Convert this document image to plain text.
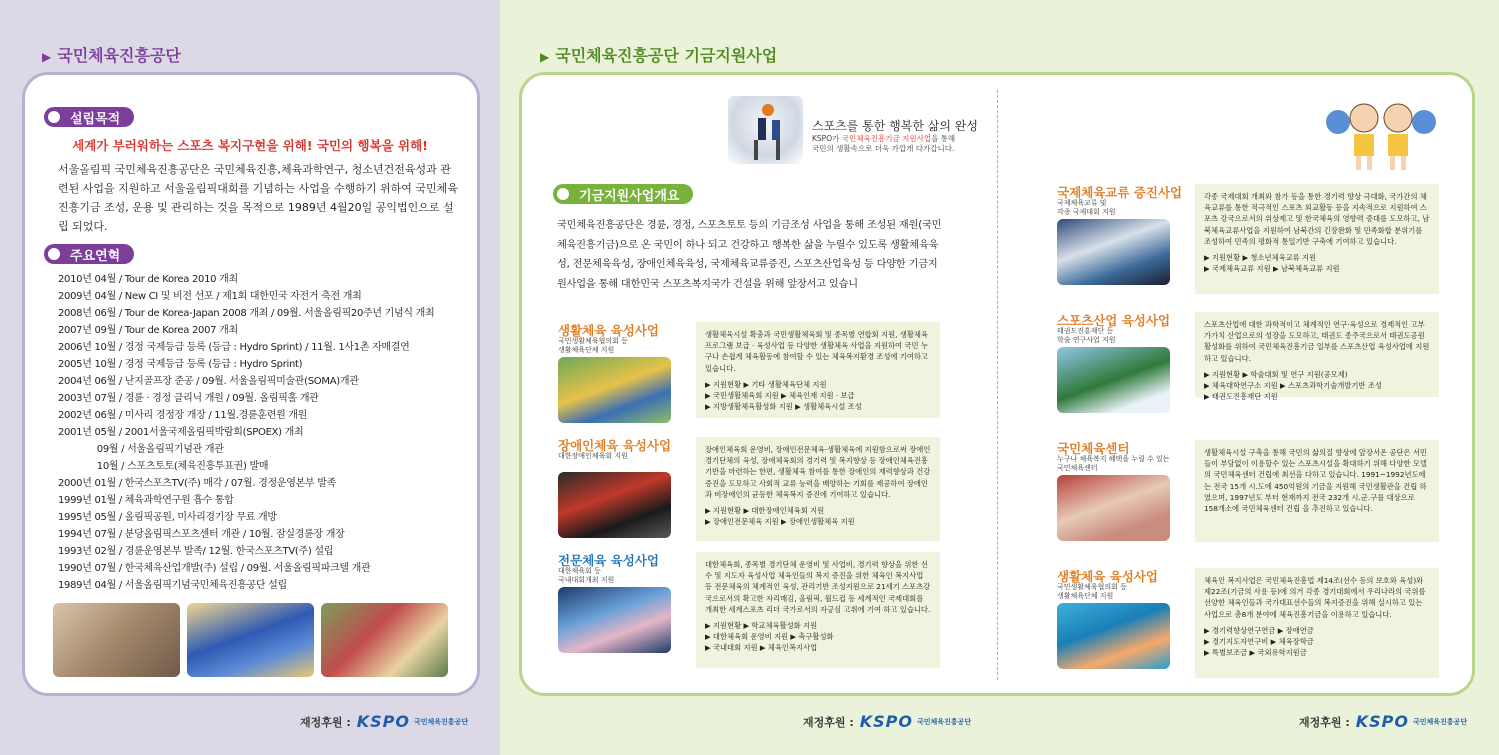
▶ 국민체육진흥공단
설립목적
세계가 부러워하는 스포츠 복지구현을 위해! 국민의 행복을 위해!
서울올림픽 국민체육진흥공단은 국민체육진흥,체육과학연구, 청소년건전육성과 관련된 사업을 지원하고 서울올림픽대회를 기념하는 사업을 수행하기 위하여 국민체육진흥기금 조성, 운용 및 관리하는 것을 목적으로 1989년 4월20일 공익법인으로 설립 되었다.
주요연혁
2010년 04월 / Tour de Korea 2010 개최
2009년 04월 / New CI 및 비전 선포 / 제1회 대한민국 자전거 축전 개최
2008년 06월 / Tour de Korea-Japan 2008 개최 / 09월. 서울올림픽20주년 기념식 개최
2007년 09월 / Tour de Korea 2007 개최
2006년 10월 / 경정 국제등급 등록 (등급 : Hydro Sprint) / 11월. 1사1촌 자매결연
2005년 10월 / 경정 국제등급 등록 (등급 : Hydro Sprint)
2004년 06월 / 난지골프장 준공 / 09월. 서울올림픽미술관(SOMA)개관
2003년 07월 / 경륜 · 경정 클리닉 개원 / 09월. 올림픽홀 개관
2002년 06월 / 미사리 경정장 개장 / 11월.경륜훈련원 개원
2001년 05월 / 2001서울국제올림픽박람회(SPOEX) 개최
　　　　09월 / 서울올림픽기념관 개관
　　　　10월 / 스포츠토토(체육진흥투표권) 발매
2000년 01월 / 한국스포츠TV(주) 매각 / 07월. 경정운영본부 발족
1999년 01월 / 체육과학연구원 흡수 통합
1995년 05월 / 올림픽공원, 미사리경기장 무료 개방
1994년 07월 / 분당올림픽스포츠센터 개관 / 10월. 잠실경륜장 개장
1993년 02월 / 경륜운영본부 발족/ 12월. 한국스포츠TV(주) 설립
1990년 07월 / 한국체육산업개발(주) 설립 / 09월. 서울올림픽파크텔 개관
1989년 04월 / 서울올림픽기념국민체육진흥공단 설립
재정후원 : KSPO 국민체육진흥공단
▶ 국민체육진흥공단 기금지원사업
스포츠를 통한 행복한 삶의 완성
KSPO가 국민체육진흥기금 지원사업을 통해 국민의 생활속으로 더욱 가깝게 다가갑니다.
기금지원사업개요
국민체육진흥공단은 경륜, 경정, 스포츠토토 등의 기금조성 사업을 통해 조성된 재원(국민체육진흥기금)으로 온 국민이 하나 되고 건강하고 행복한 삶을 누릴수 있도록 생활체육육성, 전문체육육성, 장애인체육육성, 국제체육교류증진, 스포츠산업육성 등 다양한 기금지원사업을 통해 대한민국 스포츠복지국가 건설을 위해 앞장서고 있습니
생활체육 육성사업
국민생활체육협의회 등
생활체육단체 지원
생활체육시설 확충과 국민생활체육회 및 종목별 연합회 지원, 생활체육프로그램 보급 · 육성사업 등 다양한 생활체육 사업을 지원하여 국민 누구나 손쉽게 체육활동에 참여할 수 있는 체육복지환경 조성에 기여하고 있습니다.
▶ 지원현황 ▶ 기타 생활체육단체 지원
▶ 국민생활체육회 지원 ▶ 체육인재 지원 · 보급
▶ 지방생활체육활성화 지원 ▶ 생활체육시설 조성
장애인체육 육성사업
대한장애인체육회 지원
장애인체육회 운영비, 장애인전문체육·생활체육에 지원함으로써 장애인 경기단체의 육성, 장애체육회의 경기력 및 복지향상 등 장애인체육진흥 기반을 마련하는 한편, 생활체육 참여를 통한 장애인의 재력향상과 건강증진을 도모하고 사회적 교류 능력을 배양하는 기회를 제공하여 장애인과 비장애인의 균등한 체육복지 증진에 기여하고 있습니다.
▶ 지원현황 ▶ 대한장애인체육회 지원
▶ 장애인전문체육 지원 ▶ 장애인생활체육 지원
전문체육 육성사업
대한체육회 등
국내대회개최 지원
대한체육회, 종목별 경기단체 운영비 및 사업비, 경기력 향상을 위한 선수 및 지도자 육성사업 체육인들의 복지 증진을 위한 체육인 복지사업 등 전문체육의 체계적인 육성, 관리기반 조성지원으로 21세기 스포츠강국으로서의 확고한 자리매김, 올림픽, 월드컵 등 세계적인 국제대회를 개최한 세계스포츠 리더 국가로서의 자긍심 고취에 기여 하고 있습니다.
▶ 지원현황 ▶ 학교체육활성화 지원
▶ 대한체육회 운영비 지원 ▶ 축구활성화
▶ 국내대회 지원 ▶ 체육인복지사업
국제체육교류 증진사업
국제체육교류 및
각종 국제대회 지원
각종 국제대회 개최와 참가 등을 통한 경기력 향상 극대화, 국가간의 체육교류를 통한 적극적인 스포츠 외교활동 등을 지속적으로 지원하여 스포츠 강국으로서의 위상제고 및 한국체육의 영향력 증대를 도모하고, 남북체육교류사업을 지원하여 남북간의 긴장완화 및 민족화합 분위기를 조성하여 민족의 평화적 통일기반 구축에 기여하고 있습니다.
▶ 지원현황 ▶ 청소년체육교류 지원
▶ 국제체육교류 지원 ▶ 남북체육교류 지원
스포츠산업 육성사업
태권도진흥재단 등
학술 연구사업 지원
스포츠산업에 대한 과학적이고 체계적인 연구·육성으로 경제적인 고부가가치 산업으로의 성장을 도모하고, 태권도 종주국으로서 태권도공원 활성화를 위하여 국민체육진흥기금 일부를 스포츠산업 육성사업에 지원하고 있습니다.
▶ 지원현황 ▶ 학술대회 및 연구 지원(공모제)
▶ 체육대학연구소 지원 ▶ 스포츠과학기술개발기반 조성
▶ 태권도진흥재단 지원
국민체육센터
누구나 체육복지 혜택을 누릴 수 있는
국민체육센터
생활체육시설 구축을 통해 국민의 삶의질 향상에 앞장서온 공단은 서민들이 부담없이 이용할수 있는 스포츠시설을 확대하기 위해 다양한 모델의 국민체육센터 건립에 최선을 다하고 있습니다. 1991~1992년도에는 전국 15개 시.도에 450억원의 기금을 지원해 국민생활관을 건립 하였으며, 1997년도 부터 현재까지 전국 232개 시.군.구를 대상으로 158개소에 국민체육센터 건립 을 추진하고 있습니다.
생활체육 육성사업
국민생활체육협의회 등
생활체육단체 지원
체육인 복지사업은 국민체육진흥법 제14조(선수 등의 보호와 육성)와 제22조(기금의 사용 등)에 의거 각종 경기대회에서 우리나라의 국위를 선양한 체육인들과 국가대표선수들의 복지증진을 위해 실시하고 있는 사업으로 총8개 분야에 체육진흥기금을 이용하고 있습니다.
▶ 경기력향상연구연금 ▶ 장애연금
▶ 경기지도자연구비 ▶ 체육장학금
▶ 특별보조금 ▶ 국외유학지원금
재정후원 : KSPO 국민체육진흥공단	재정후원 : KSPO 국민체육진흥공단
